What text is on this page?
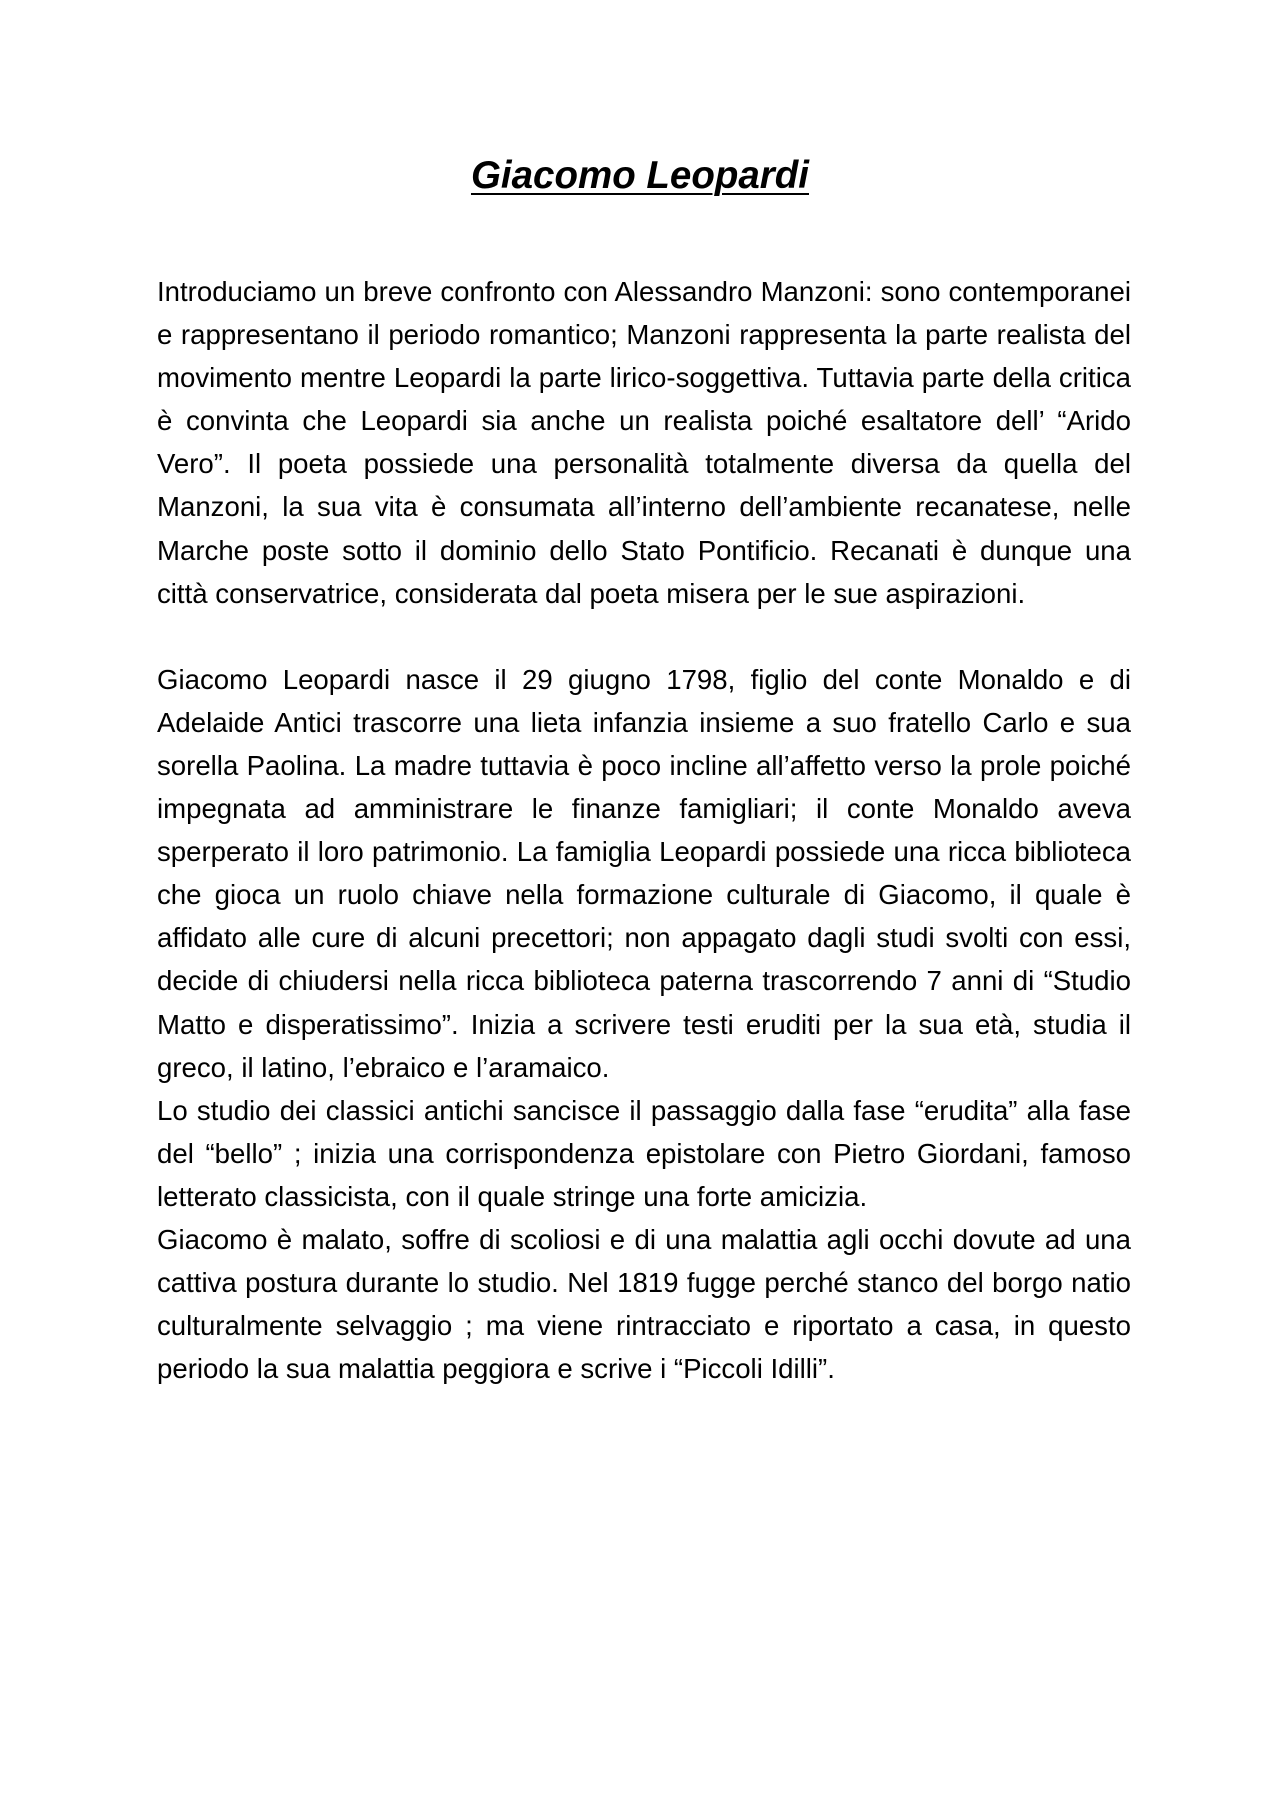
Giacomo Leopardi

Introduciamo un breve confronto con Alessandro Manzoni: sono contemporanei e rappresentano il periodo romantico; Manzoni rappresenta la parte realista del movimento mentre Leopardi la parte lirico-soggettiva. Tuttavia parte della critica è convinta che Leopardi sia anche un realista poiché esaltatore dell’ “Arido Vero”. Il poeta possiede una personalità totalmente diversa da quella del Manzoni, la sua vita è consumata all’interno dell’ambiente recanatese, nelle Marche poste sotto il dominio dello Stato Pontificio. Recanati è dunque una città conservatrice, considerata dal poeta misera per le sue aspirazioni.

Giacomo Leopardi nasce il 29 giugno 1798, figlio del conte Monaldo e di Adelaide Antici trascorre una lieta infanzia insieme a suo fratello Carlo e sua sorella Paolina. La madre tuttavia è poco incline all’affetto verso la prole poiché impegnata ad amministrare le finanze famigliari; il conte Monaldo aveva sperperato il loro patrimonio. La famiglia Leopardi possiede una ricca biblioteca che gioca un ruolo chiave nella formazione culturale di Giacomo, il quale è affidato alle cure di alcuni precettori; non appagato dagli studi svolti con essi, decide di chiudersi nella ricca biblioteca paterna trascorrendo 7 anni di “Studio Matto e disperatissimo”. Inizia a scrivere testi eruditi per la sua età, studia il greco, il latino, l’ebraico e l’aramaico.

Lo studio dei classici antichi sancisce il passaggio dalla fase “erudita” alla fase del “bello” ; inizia una corrispondenza epistolare con Pietro Giordani, famoso letterato classicista, con il quale stringe una forte amicizia.

Giacomo è malato, soffre di scoliosi e di una malattia agli occhi dovute ad una cattiva postura durante lo studio. Nel 1819 fugge perché stanco del borgo natio culturalmente selvaggio ; ma viene rintracciato e riportato a casa, in questo periodo la sua malattia peggiora e scrive i “Piccoli Idilli”.
